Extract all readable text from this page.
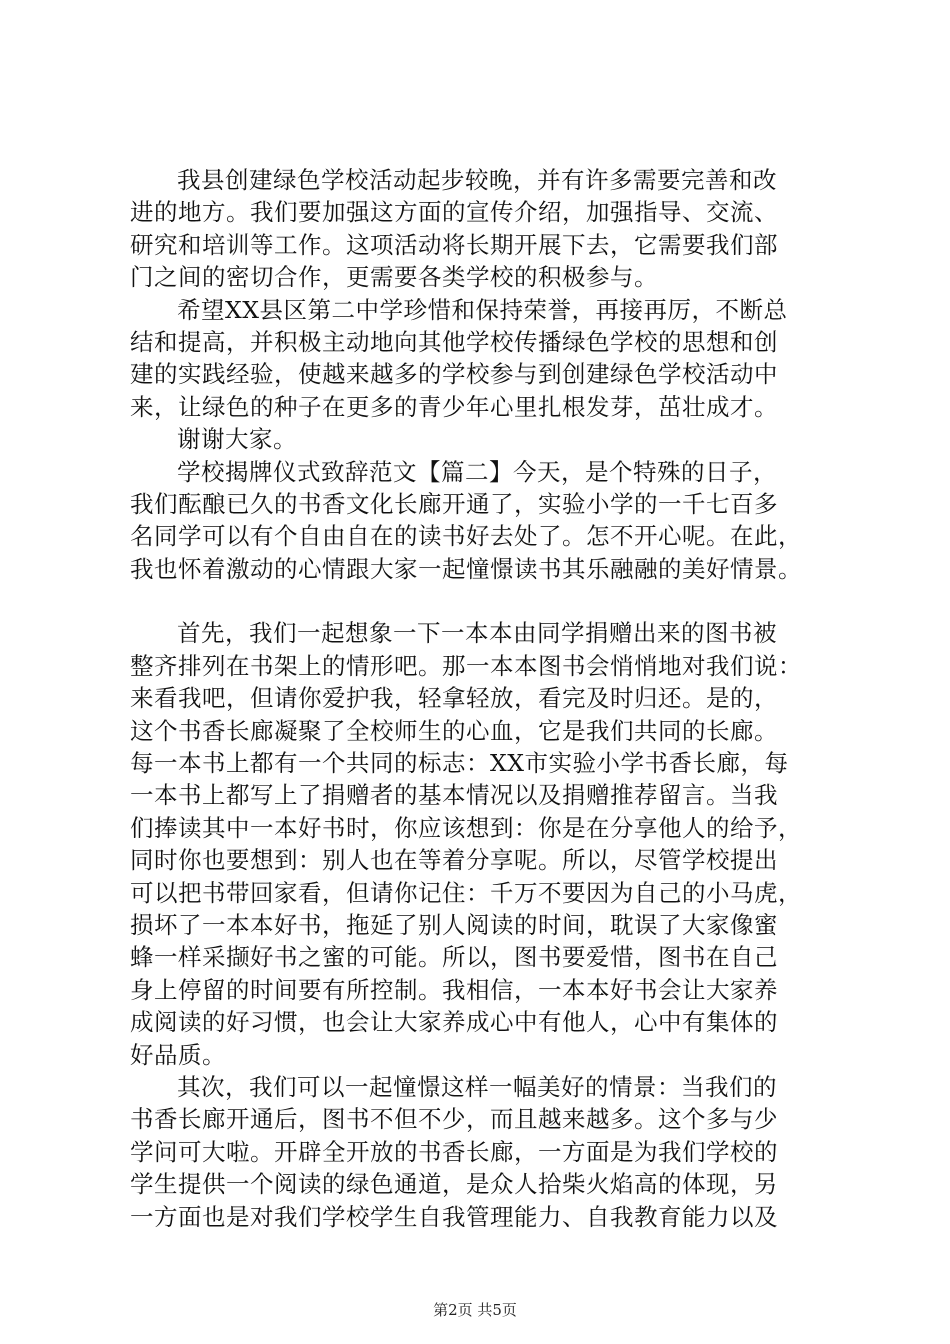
我县创建绿色学校活动起步较晚，并有许多需要完善和改
进的地方。我们要加强这方面的宣传介绍，加强指导、交流、
研究和培训等工作。这项活动将长期开展下去，它需要我们部
门之间的密切合作，更需要各类学校的积极参与。
希望XX县区第二中学珍惜和保持荣誉，再接再厉，不断总
结和提高，并积极主动地向其他学校传播绿色学校的思想和创
建的实践经验，使越来越多的学校参与到创建绿色学校活动中
来，让绿色的种子在更多的青少年心里扎根发芽，茁壮成才。
谢谢大家。
学校揭牌仪式致辞范文【篇二】今天，是个特殊的日子，
我们酝酿已久的书香文化长廊开通了，实验小学的一千七百多
名同学可以有个自由自在的读书好去处了。怎不开心呢。在此，
我也怀着激动的心情跟大家一起憧憬读书其乐融融的美好情景。
首先，我们一起想象一下一本本由同学捐赠出来的图书被
整齐排列在书架上的情形吧。那一本本图书会悄悄地对我们说：
来看我吧，但请你爱护我，轻拿轻放，看完及时归还。是的，
这个书香长廊凝聚了全校师生的心血，它是我们共同的长廊。
每一本书上都有一个共同的标志：XX市实验小学书香长廊，每
一本书上都写上了捐赠者的基本情况以及捐赠推荐留言。当我
们捧读其中一本好书时，你应该想到：你是在分享他人的给予，
同时你也要想到：别人也在等着分享呢。所以，尽管学校提出
可以把书带回家看，但请你记住：千万不要因为自己的小马虎，
损坏了一本本好书，拖延了别人阅读的时间，耽误了大家像蜜
蜂一样采撷好书之蜜的可能。所以，图书要爱惜，图书在自己
身上停留的时间要有所控制。我相信，一本本好书会让大家养
成阅读的好习惯，也会让大家养成心中有他人，心中有集体的
好品质。
其次，我们可以一起憧憬这样一幅美好的情景：当我们的
书香长廊开通后，图书不但不少，而且越来越多。这个多与少
学问可大啦。开辟全开放的书香长廊，一方面是为我们学校的
学生提供一个阅读的绿色通道，是众人拾柴火焰高的体现，另
一方面也是对我们学校学生自我管理能力、自我教育能力以及
第2页 共5页
